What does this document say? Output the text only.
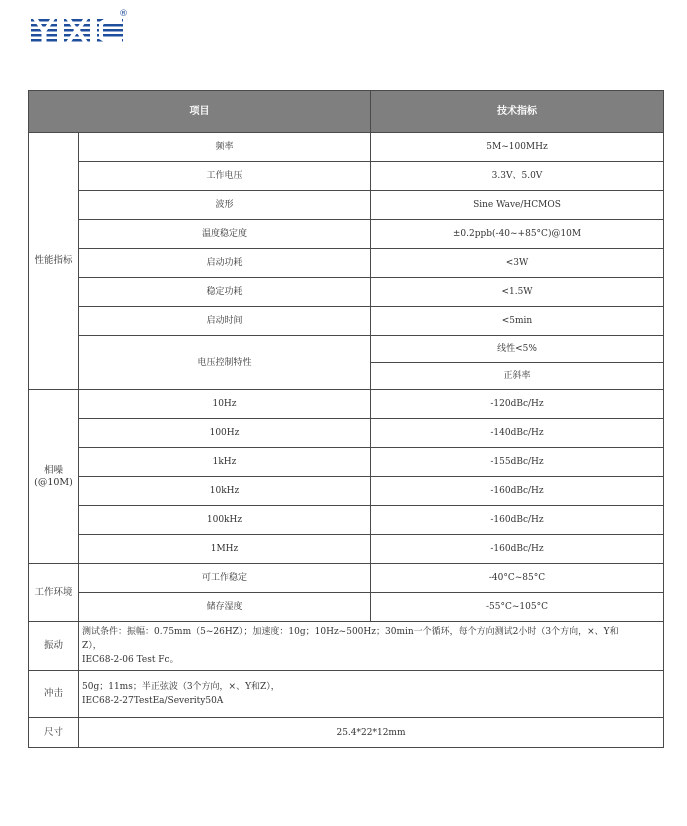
®
项目		技术指标
性能指标	频率	5M~100MHz
	工作电压	3.3V、5.0V
	波形	Sine Wave/HCMOS
	温度稳定度	±0.2ppb(-40~+85°C)@10M
	启动功耗	<3W
	稳定功耗	<1.5W
	启动时间	<5min
	电压控制特性	线性<5%
		正斜率

相噪
(@10M)	10Hz	-120dBc/Hz
	100Hz	-140dBc/Hz
	1kHz	-155dBc/Hz
	10kHz	-160dBc/Hz
	100kHz	-160dBc/Hz
	1MHz	-160dBc/Hz
工作环境	可工作稳定	-40°C~85°C
	储存湿度	-55°C~105°C
振动	测试条件：振幅：0.75mm（5~26HZ）；加速度：10g；10Hz~500Hz；30min一个循环，每个方向测试2小时（3个方向，×、Y和
Z），
IEC68-2-06 Test Fc。	

冲击	50g；11ms；半正弦波（3个方向，×、Y和Z），
IEC68-2-27TestEa/Severity50A	

尺寸	25.4*22*12mm	
